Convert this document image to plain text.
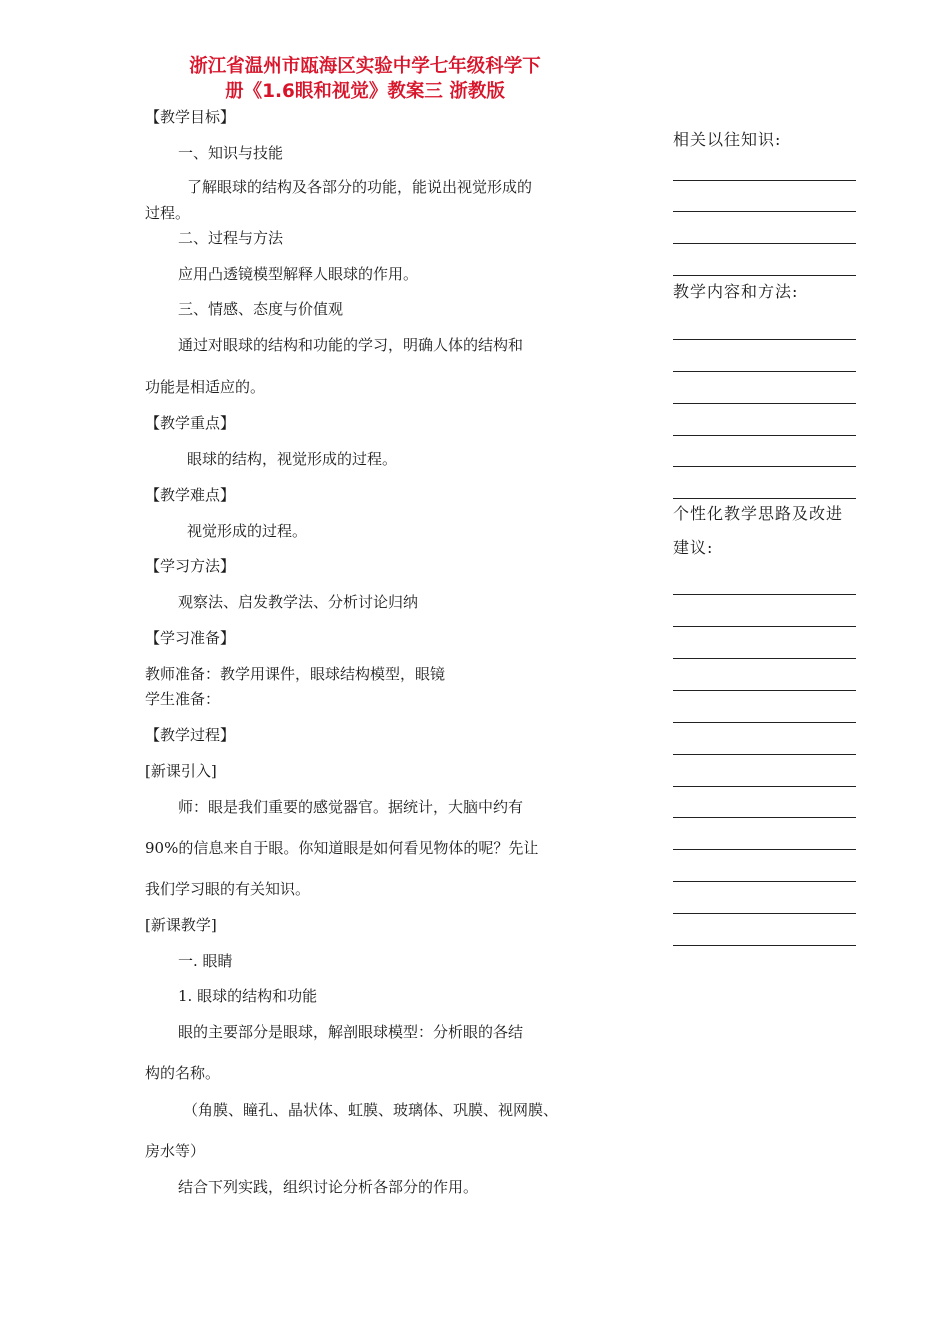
浙江省温州市瓯海区实验中学七年级科学下
册《1.6眼和视觉》教案三 浙教版
【教学目标】
一、知识与技能
了解眼球的结构及各部分的功能，能说出视觉形成的
过程。
二、过程与方法
应用凸透镜模型解释人眼球的作用。
三、情感、态度与价值观
通过对眼球的结构和功能的学习，明确人体的结构和
功能是相适应的。
【教学重点】
眼球的结构，视觉形成的过程。
【教学难点】
视觉形成的过程。
【学习方法】
观察法、启发教学法、分析讨论归纳
【学习准备】
教师准备：教学用课件，眼球结构模型，眼镜
学生准备：
【教学过程】
[新课引入]
师：眼是我们重要的感觉器官。据统计，大脑中约有
90%的信息来自于眼。你知道眼是如何看见物体的呢？先让
我们学习眼的有关知识。
[新课教学]
一. 眼睛
1. 眼球的结构和功能
眼的主要部分是眼球，解剖眼球模型：分析眼的各结
构的名称。
（角膜、瞳孔、晶状体、虹膜、玻璃体、巩膜、视网膜、
房水等）
结合下列实践，组织讨论分析各部分的作用。
相关以往知识:
教学内容和方法:
个性化教学思路及改进
建议:
